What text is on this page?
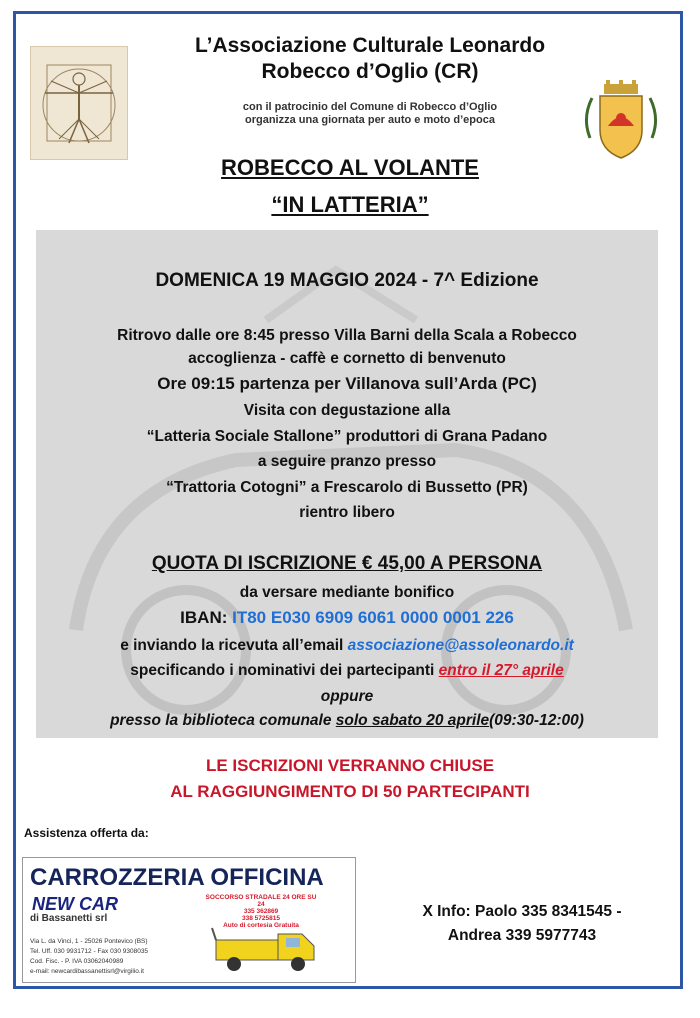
L’Associazione Culturale Leonardo
Robecco d’Oglio (CR)
con il patrocinio del Comune di Robecco d’Oglio
organizza una giornata per auto e moto d’epoca
ROBECCO AL VOLANTE
“IN LATTERIA”
DOMENICA 19 MAGGIO 2024 - 7^ Edizione
Ritrovo dalle ore 8:45 presso Villa Barni della Scala a Robecco
accoglienza - caffè e cornetto di benvenuto
Ore 09:15 partenza per Villanova sull’Arda (PC)
Visita con degustazione alla
“Latteria Sociale Stallone” produttori di Grana Padano
a seguire pranzo presso
“Trattoria Cotogni” a Frescarolo di Bussetto (PR)
rientro libero
QUOTA DI ISCRIZIONE € 45,00 A PERSONA
da versare mediante bonifico
IBAN: IT80 E030 6909 6061 0000 0001 226
e inviando la ricevuta all’email associazione@assoleonardo.it
specificando i nominativi dei partecipanti entro il 27° aprile
oppure
presso la biblioteca comunale solo sabato 20 aprile(09:30-12:00)
LE ISCRIZIONI VERRANNO CHIUSE
AL RAGGIUNGIMENTO DI 50 PARTECIPANTI
Assistenza offerta da:
CARROZZERIA OFFICINA
NEW CAR
di Bassanetti srl
SOCCORSO STRADALE 24 ORE SU 24
335 362869
338 5725815
Auto di cortesia Gratuita
Via L. da Vinci, 1 - 25026 Pontevico (BS)
Tel. Uff. 030 9931712 - Fax 030 9308035
Cod. Fisc. - P. IVA 03062040989
e-mail: newcardibassanettisrl@virgilio.it
X Info: Paolo 335 8341545 -
Andrea 339 5977743
